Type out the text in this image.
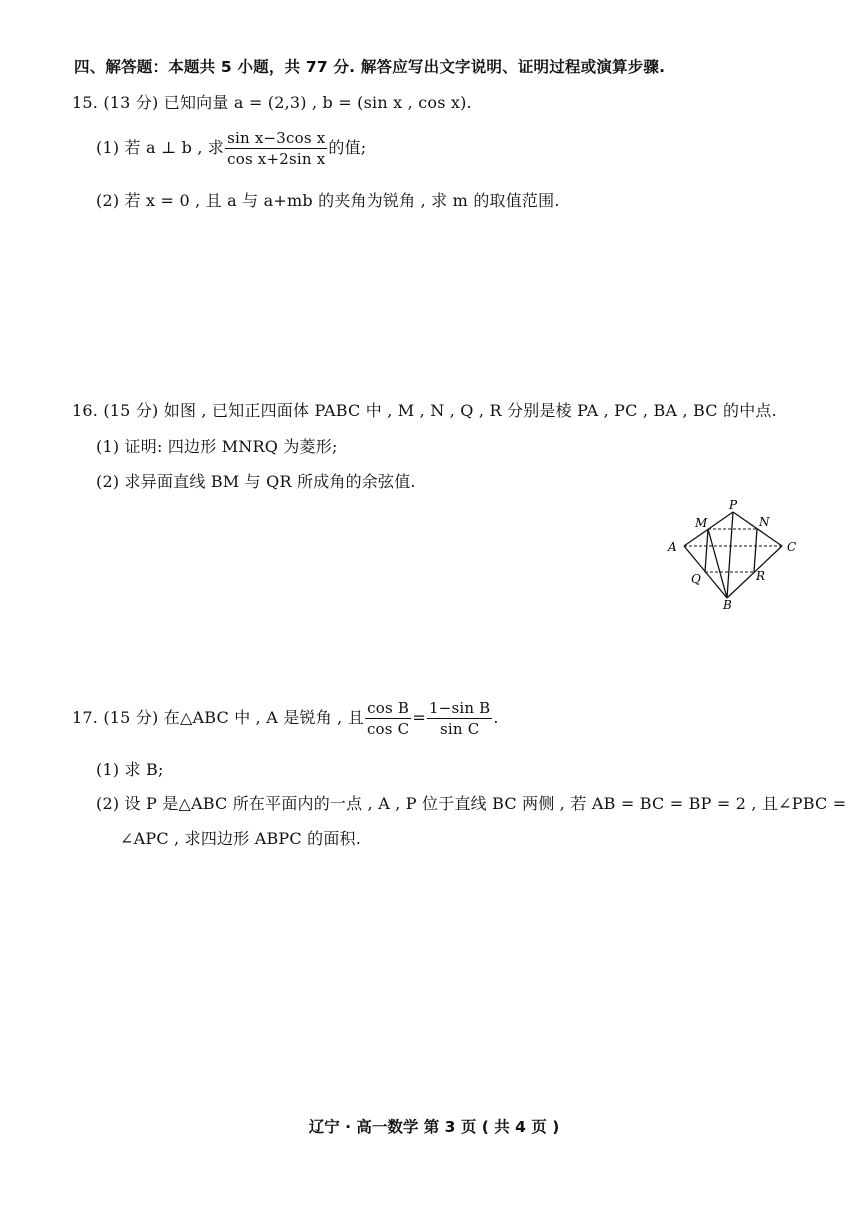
四、解答题：本题共 5 小题，共 77 分. 解答应写出文字说明、证明过程或演算步骤.
15. (13 分) 已知向量 a = (2,3) , b = (sin x , cos x).
(1) 若 a ⊥ b , 求 $\frac{\text{sin x−3cos x}}{\text{cos x+2sin x}}$ 的值;
(2) 若 x = 0 , 且 a 与 a+mb 的夹角为锐角 , 求 m 的取值范围.
16. (15 分) 如图 , 已知正四面体 PABC 中 , M , N , Q , R 分别是棱 PA , PC , BA , BC 的中点.
(1) 证明: 四边形 MNRQ 为菱形;
(2) 求异面直线 BM 与 QR 所成角的余弦值.
P
M	N
A	C
Q	R
B
17. (15 分) 在△ABC 中 , A 是锐角 , 且 $\frac{\text{cos B}}{\text{cos C}} = \frac{\text{1−sin B}}{\text{sin C}}$ .
(1) 求 B;
(2) 设 P 是△ABC 所在平面内的一点 , A , P 位于直线 BC 两侧 , 若 AB = BC = BP = 2 , 且∠PBC =
∠APC , 求四边形 ABPC 的面积.
辽宁 · 高一数学 第 3 页 ( 共 4 页 )
